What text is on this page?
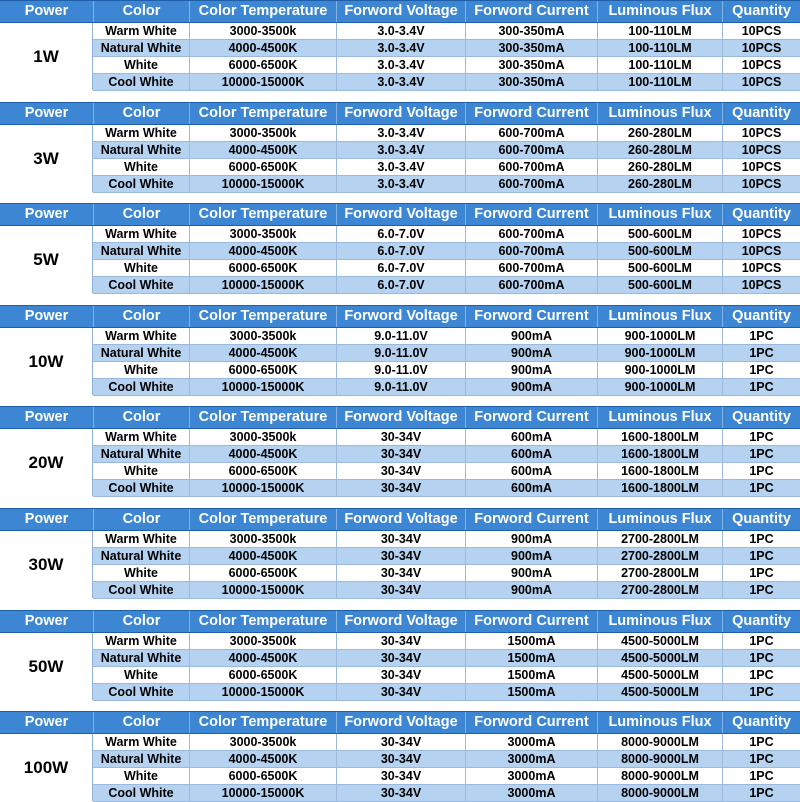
Power	Color	Color Temperature	Forword Voltage	Forword Current	Luminous Flux	Quantity
1W
Warm White	3000-3500k	3.0-3.4V	300-350mA	100-110LM	10PCS
Natural White	4000-4500K	3.0-3.4V	300-350mA	100-110LM	10PCS
White	6000-6500K	3.0-3.4V	300-350mA	100-110LM	10PCS
Cool White	10000-15000K	3.0-3.4V	300-350mA	100-110LM	10PCS
Power	Color	Color Temperature	Forword Voltage	Forword Current	Luminous Flux	Quantity
3W
Warm White	3000-3500k	3.0-3.4V	600-700mA	260-280LM	10PCS
Natural White	4000-4500K	3.0-3.4V	600-700mA	260-280LM	10PCS
White	6000-6500K	3.0-3.4V	600-700mA	260-280LM	10PCS
Cool White	10000-15000K	3.0-3.4V	600-700mA	260-280LM	10PCS
Power	Color	Color Temperature	Forword Voltage	Forword Current	Luminous Flux	Quantity
5W
Warm White	3000-3500k	6.0-7.0V	600-700mA	500-600LM	10PCS
Natural White	4000-4500K	6.0-7.0V	600-700mA	500-600LM	10PCS
White	6000-6500K	6.0-7.0V	600-700mA	500-600LM	10PCS
Cool White	10000-15000K	6.0-7.0V	600-700mA	500-600LM	10PCS
Power	Color	Color Temperature	Forword Voltage	Forword Current	Luminous Flux	Quantity
10W
Warm White	3000-3500k	9.0-11.0V	900mA	900-1000LM	1PC
Natural White	4000-4500K	9.0-11.0V	900mA	900-1000LM	1PC
White	6000-6500K	9.0-11.0V	900mA	900-1000LM	1PC
Cool White	10000-15000K	9.0-11.0V	900mA	900-1000LM	1PC
Power	Color	Color Temperature	Forword Voltage	Forword Current	Luminous Flux	Quantity
20W
Warm White	3000-3500k	30-34V	600mA	1600-1800LM	1PC
Natural White	4000-4500K	30-34V	600mA	1600-1800LM	1PC
White	6000-6500K	30-34V	600mA	1600-1800LM	1PC
Cool White	10000-15000K	30-34V	600mA	1600-1800LM	1PC
Power	Color	Color Temperature	Forword Voltage	Forword Current	Luminous Flux	Quantity
30W
Warm White	3000-3500k	30-34V	900mA	2700-2800LM	1PC
Natural White	4000-4500K	30-34V	900mA	2700-2800LM	1PC
White	6000-6500K	30-34V	900mA	2700-2800LM	1PC
Cool White	10000-15000K	30-34V	900mA	2700-2800LM	1PC
Power	Color	Color Temperature	Forword Voltage	Forword Current	Luminous Flux	Quantity
50W
Warm White	3000-3500k	30-34V	1500mA	4500-5000LM	1PC
Natural White	4000-4500K	30-34V	1500mA	4500-5000LM	1PC
White	6000-6500K	30-34V	1500mA	4500-5000LM	1PC
Cool White	10000-15000K	30-34V	1500mA	4500-5000LM	1PC
Power	Color	Color Temperature	Forword Voltage	Forword Current	Luminous Flux	Quantity
100W
Warm White	3000-3500k	30-34V	3000mA	8000-9000LM	1PC
Natural White	4000-4500K	30-34V	3000mA	8000-9000LM	1PC
White	6000-6500K	30-34V	3000mA	8000-9000LM	1PC
Cool White	10000-15000K	30-34V	3000mA	8000-9000LM	1PC
